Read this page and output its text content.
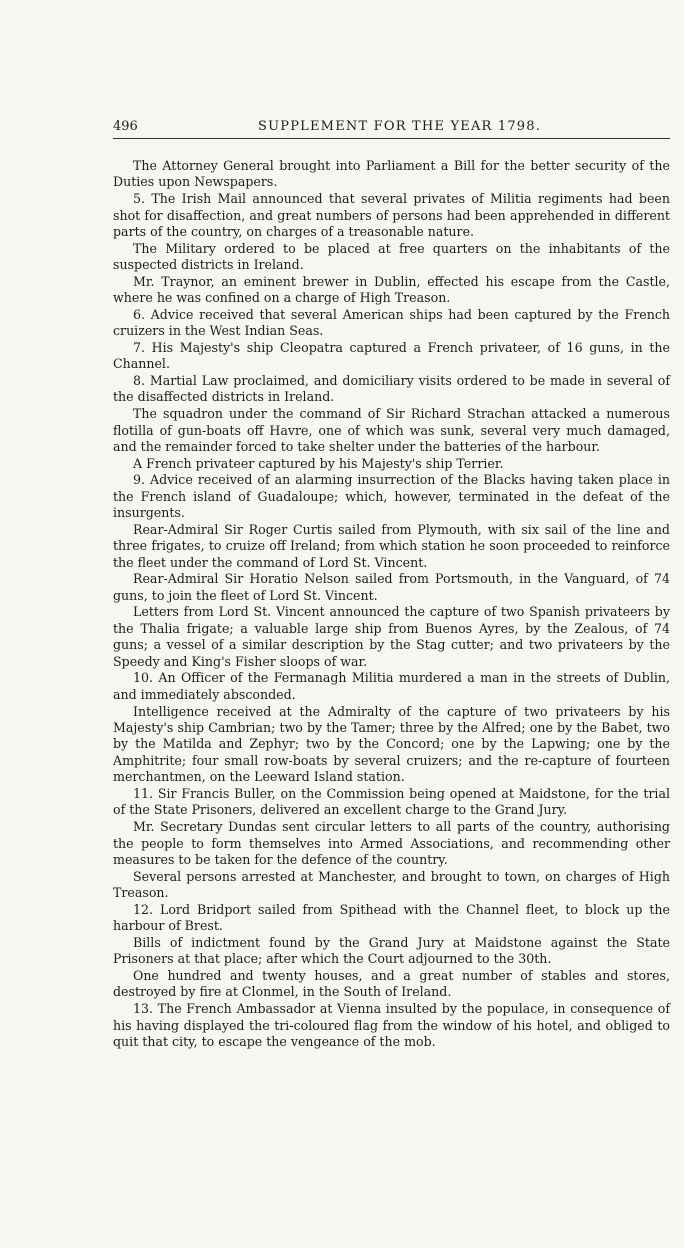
496	SUPPLEMENT FOR THE YEAR 1798.

The Attorney General brought into Parliament a Bill for the better security of the Duties upon Newspapers.

5. The Irish Mail announced that several privates of Militia regiments had been shot for disaffection, and great numbers of persons had been apprehended in different parts of the country, on charges of a treasonable nature.

The Military ordered to be placed at free quarters on the inhabitants of the suspected districts in Ireland.

Mr. Traynor, an eminent brewer in Dublin, effected his escape from the Castle, where he was confined on a charge of High Treason.

6. Advice received that several American ships had been captured by the French cruizers in the West Indian Seas.

7. His Majesty's ship Cleopatra captured a French privateer, of 16 guns, in the Channel.

8. Martial Law proclaimed, and domiciliary visits ordered to be made in several of the disaffected districts in Ireland.

The squadron under the command of Sir Richard Strachan attacked a numerous flotilla of gun-boats off Havre, one of which was sunk, several very much damaged, and the remainder forced to take shelter under the batteries of the harbour.

A French privateer captured by his Majesty's ship Terrier.

9. Advice received of an alarming insurrection of the Blacks having taken place in the French island of Guadaloupe; which, however, terminated in the defeat of the insurgents.

Rear-Admiral Sir Roger Curtis sailed from Plymouth, with six sail of the line and three frigates, to cruize off Ireland; from which station he soon proceeded to reinforce the fleet under the command of Lord St. Vincent.

Rear-Admiral Sir Horatio Nelson sailed from Portsmouth, in the Vanguard, of 74 guns, to join the fleet of Lord St. Vincent.

Letters from Lord St. Vincent announced the capture of two Spanish privateers by the Thalia frigate; a valuable large ship from Buenos Ayres, by the Zealous, of 74 guns; a vessel of a similar description by the Stag cutter; and two privateers by the Speedy and King's Fisher sloops of war.

10. An Officer of the Fermanagh Militia murdered a man in the streets of Dublin, and immediately absconded.

Intelligence received at the Admiralty of the capture of two privateers by his Majesty's ship Cambrian; two by the Tamer; three by the Alfred; one by the Babet, two by the Matilda and Zephyr; two by the Concord; one by the Lapwing; one by the Amphitrite; four small row-boats by several cruizers; and the re-capture of fourteen merchantmen, on the Leeward Island station.

11. Sir Francis Buller, on the Commission being opened at Maidstone, for the trial of the State Prisoners, delivered an excellent charge to the Grand Jury.

Mr. Secretary Dundas sent circular letters to all parts of the country, authorising the people to form themselves into Armed Associations, and recommending other measures to be taken for the defence of the country.

Several persons arrested at Manchester, and brought to town, on charges of High Treason.

12. Lord Bridport sailed from Spithead with the Channel fleet, to block up the harbour of Brest.

Bills of indictment found by the Grand Jury at Maidstone against the State Prisoners at that place; after which the Court adjourned to the 30th.

One hundred and twenty houses, and a great number of stables and stores, destroyed by fire at Clonmel, in the South of Ireland.

13. The French Ambassador at Vienna insulted by the populace, in consequence of his having displayed the tri-coloured flag from the window of his hotel, and obliged to quit that city, to escape the vengeance of the mob.
